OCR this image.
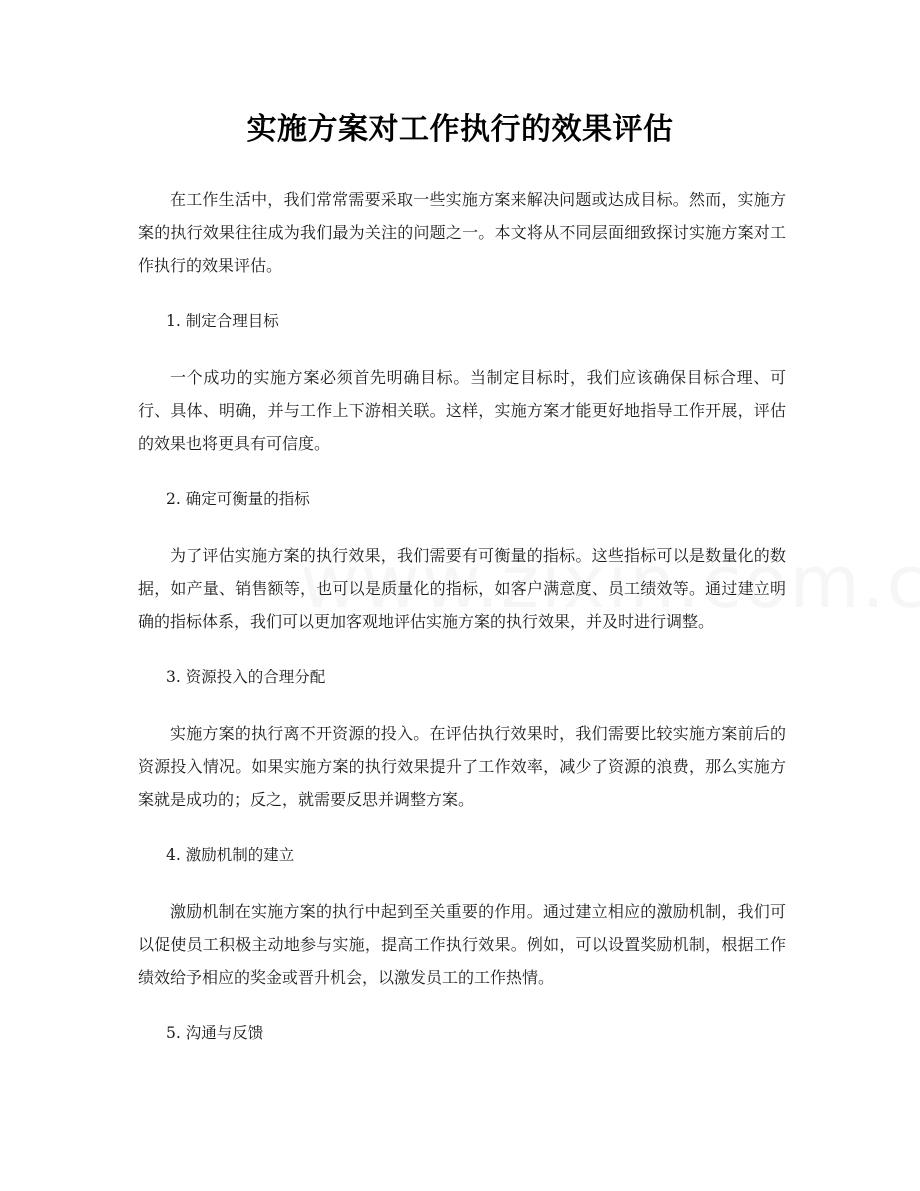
实施方案对工作执行的效果评估

在工作生活中，我们常常需要采取一些实施方案来解决问题或达成目标。然而，实施方案的执行效果往往成为我们最为关注的问题之一。本文将从不同层面细致探讨实施方案对工作执行的效果评估。

1. 制定合理目标

一个成功的实施方案必须首先明确目标。当制定目标时，我们应该确保目标合理、可行、具体、明确，并与工作上下游相关联。这样，实施方案才能更好地指导工作开展，评估的效果也将更具有可信度。

2. 确定可衡量的指标

为了评估实施方案的执行效果，我们需要有可衡量的指标。这些指标可以是数量化的数据，如产量、销售额等，也可以是质量化的指标，如客户满意度、员工绩效等。通过建立明确的指标体系，我们可以更加客观地评估实施方案的执行效果，并及时进行调整。

3. 资源投入的合理分配

实施方案的执行离不开资源的投入。在评估执行效果时，我们需要比较实施方案前后的资源投入情况。如果实施方案的执行效果提升了工作效率，减少了资源的浪费，那么实施方案就是成功的；反之，就需要反思并调整方案。

4. 激励机制的建立

激励机制在实施方案的执行中起到至关重要的作用。通过建立相应的激励机制，我们可以促使员工积极主动地参与实施，提高工作执行效果。例如，可以设置奖励机制，根据工作绩效给予相应的奖金或晋升机会，以激发员工的工作热情。

5. 沟通与反馈
